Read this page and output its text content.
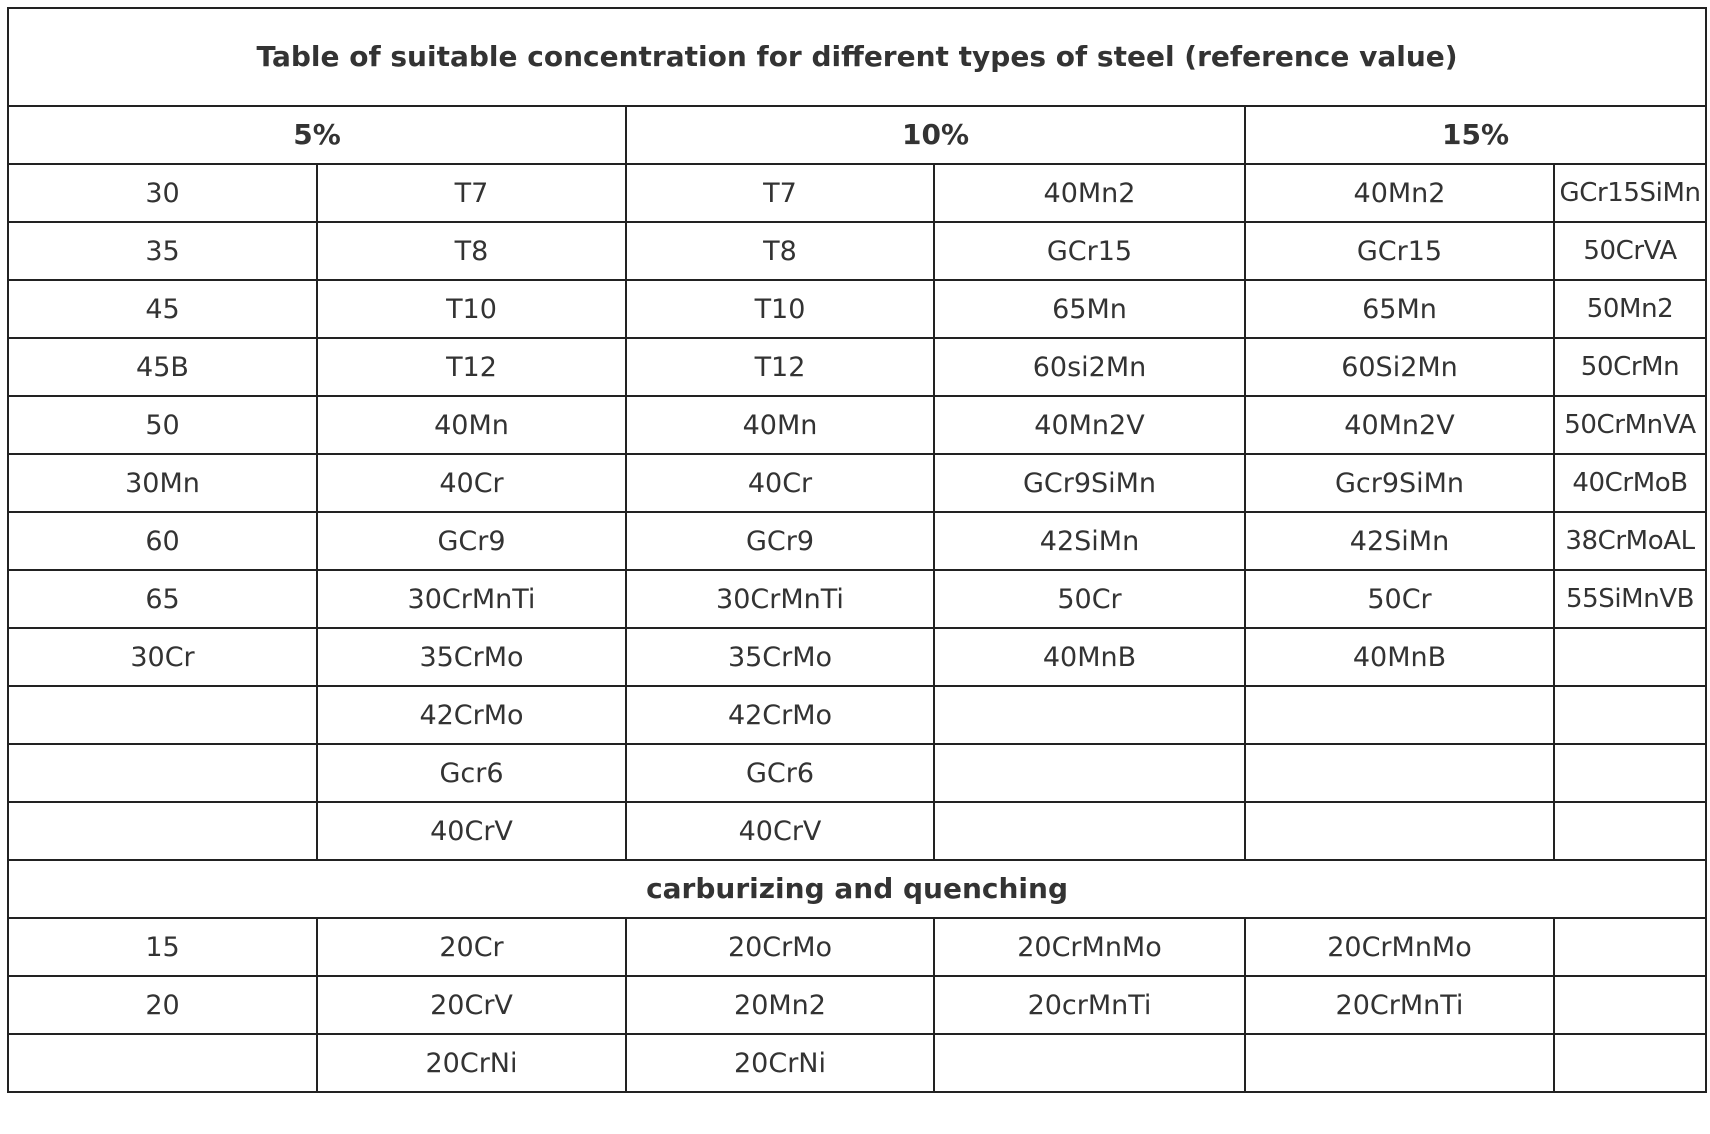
Table of suitable concentration for different types of steel (reference value)					
5%		10%		15%	
30	T7	T7	40Mn2	40Mn2	GCr15SiMn
35	T8	T8	GCr15	GCr15	50CrVA
45	T10	T10	65Mn	65Mn	50Mn2
45B	T12	T12	60si2Mn	60Si2Mn	50CrMn
50	40Mn	40Mn	40Mn2V	40Mn2V	50CrMnVA
30Mn	40Cr	40Cr	GCr9SiMn	Gcr9SiMn	40CrMoB
60	GCr9	GCr9	42SiMn	42SiMn	38CrMoAL
65	30CrMnTi	30CrMnTi	50Cr	50Cr	55SiMnVB
30Cr	35CrMo	35CrMo	40MnB	40MnB	
	42CrMo	42CrMo			
	Gcr6	GCr6			
	40CrV	40CrV			
carburizing and quenching					
15	20Cr	20CrMo	20CrMnMo	20CrMnMo	
20	20CrV	20Mn2	20crMnTi	20CrMnTi	
	20CrNi	20CrNi			
